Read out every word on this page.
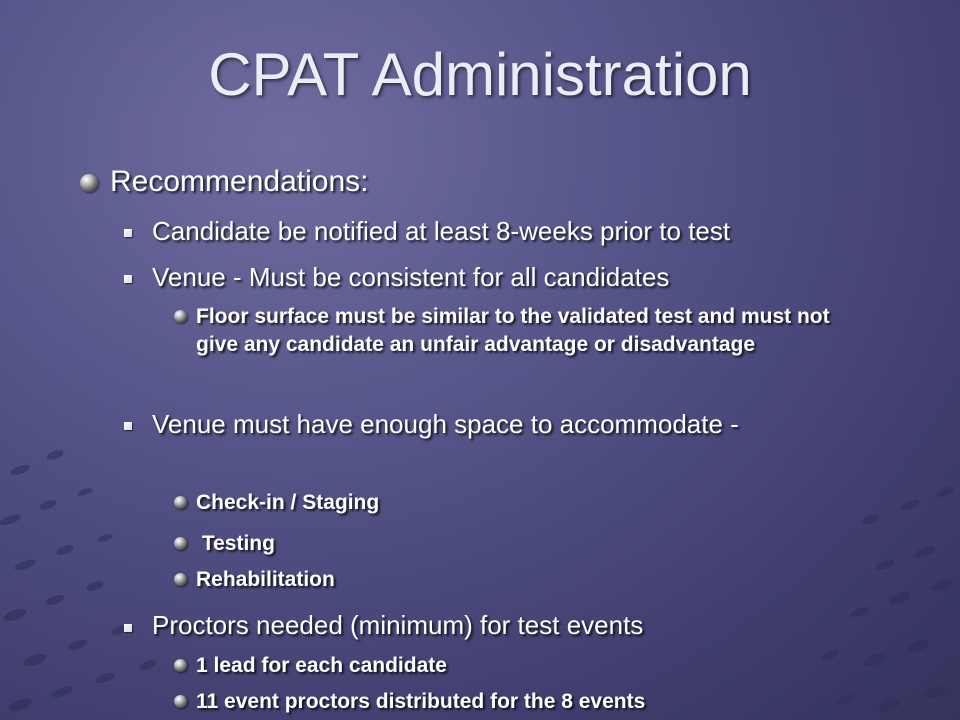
CPAT Administration

Recommendations:

Candidate be notified at least 8-weeks prior to test

Venue - Must be consistent for all candidates

Floor surface must be similar to the validated test and must not give any candidate an unfair advantage or disadvantage

Venue must have enough space to accommodate -

Check-in / Staging

Testing

Rehabilitation

Proctors needed (minimum) for test events

1 lead for each candidate

11 event proctors distributed for the 8 events
